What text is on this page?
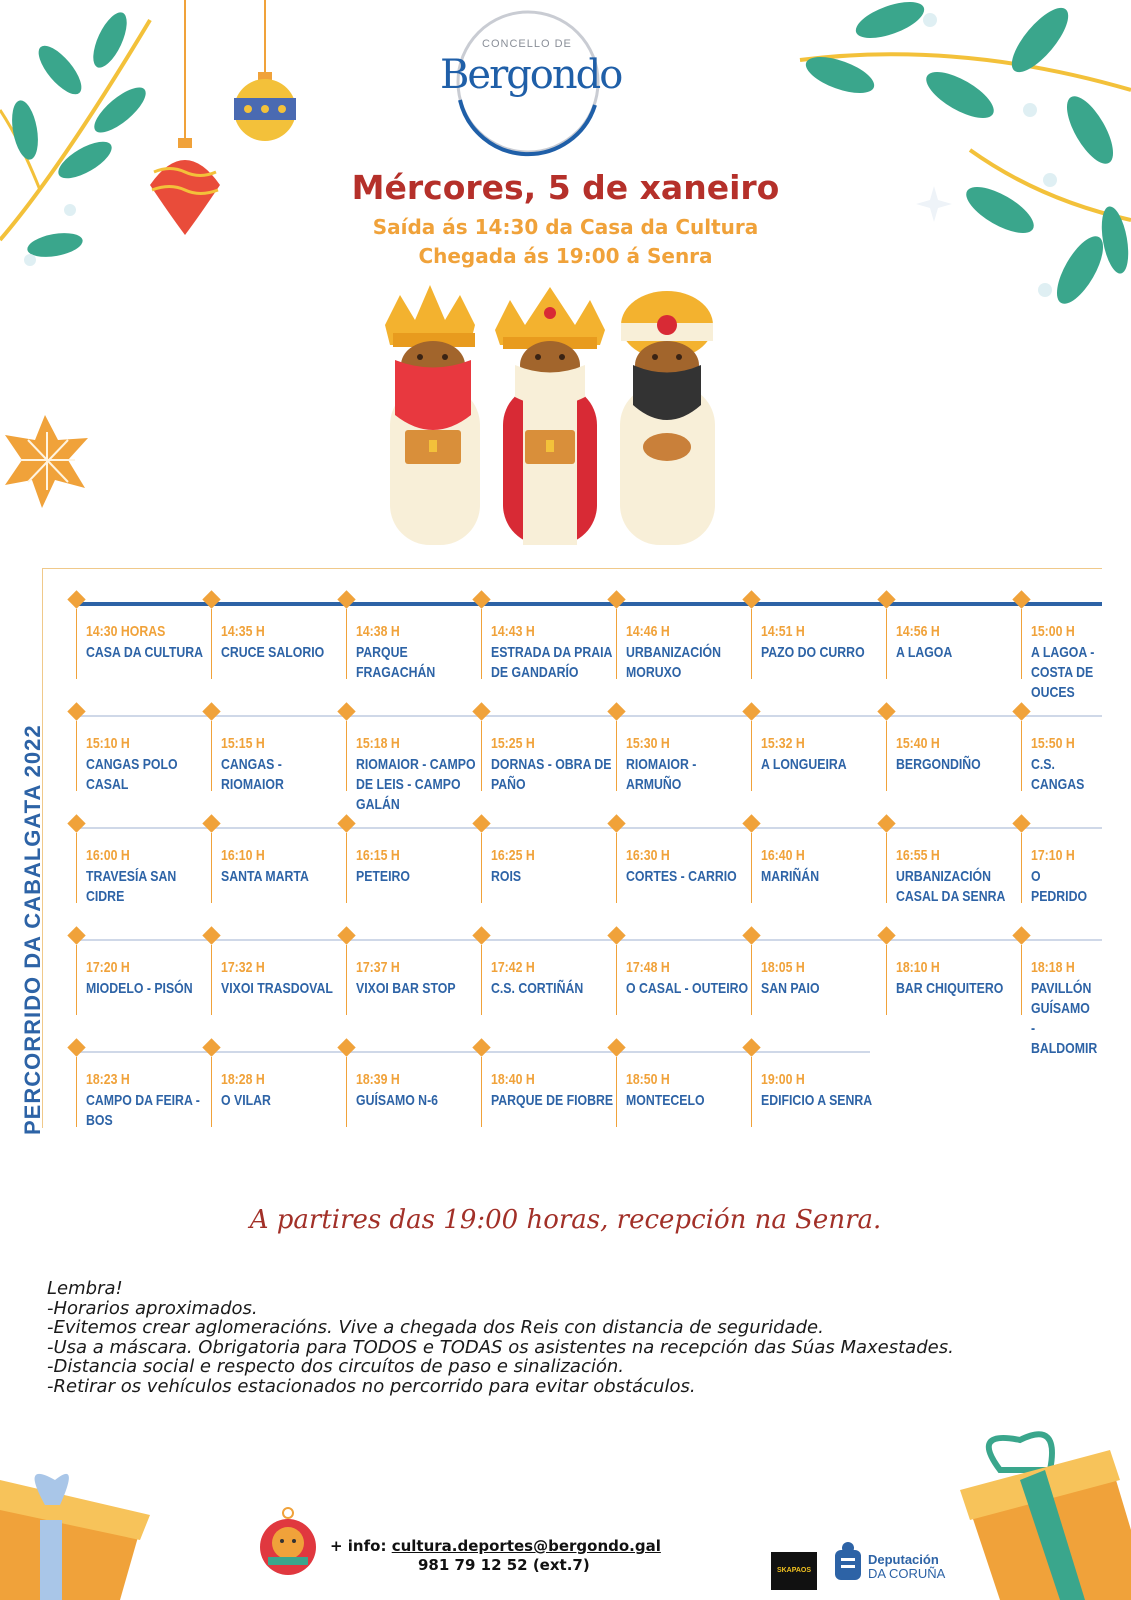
CONCELLO DE
Bergondo
Mércores, 5 de xaneiro
Saída ás 14:30 da Casa da Cultura
Chegada ás 19:00 á Senra
PERCORRIDO DA CABALGATA 2022
14:30 HORAS
CASA DA CULTURA
14:35 H
CRUCE SALORIO
14:38 H
PARQUE FRAGACHÁN
14:43 H
ESTRADA DA PRAIA DE GANDARÍO
14:46 H
URBANIZACIÓN MORUXO
14:51 H
PAZO DO CURRO
14:56 H
A LAGOA
15:00 H
A LAGOA - COSTA DE OUCES
15:10 H
CANGAS POLO CASAL
15:15 H
CANGAS - RIOMAIOR
15:18 H
RIOMAIOR - CAMPO DE LEIS - CAMPO GALÁN
15:25 H
DORNAS - OBRA DE PAÑO
15:30 H
RIOMAIOR - ARMUÑO
15:32 H
A LONGUEIRA
15:40 H
BERGONDIÑO
15:50 H
C.S. CANGAS
16:00 H
TRAVESÍA SAN CIDRE
16:10 H
SANTA MARTA
16:15 H
PETEIRO
16:25 H
ROIS
16:30 H
CORTES - CARRIO
16:40 H
MARIÑÁN
16:55 H
URBANIZACIÓN CASAL DA SENRA
17:10 H
O PEDRIDO
17:20 H
MIODELO - PISÓN
17:32 H
VIXOI TRASDOVAL
17:37 H
VIXOI BAR STOP
17:42 H
C.S. CORTIÑÁN
17:48 H
O CASAL - OUTEIRO
18:05 H
SAN PAIO
18:10 H
BAR CHIQUITERO
18:18 H
PAVILLÓN GUÍSAMO - BALDOMIR
18:23 H
CAMPO DA FEIRA - BOS
18:28 H
O VILAR
18:39 H
GUÍSAMO N-6
18:40 H
PARQUE DE FIOBRE
18:50 H
MONTECELO
19:00 H
EDIFICIO A SENRA
A partires das 19:00 horas, recepción na Senra.
Lembra!
-Horarios aproximados.
-Evitemos crear aglomeracións. Vive a chegada dos Reis con distancia de seguridade.
-Usa a máscara. Obrigatoria para TODOS e TODAS os asistentes na recepción das Súas Maxestades.
-Distancia social e respecto dos circuítos de paso e sinalización.
-Retirar os vehículos estacionados no percorrido para evitar obstáculos.
+ info: cultura.deportes@bergondo.gal
981 79 12 52 (ext.7)	SKAPAOS
Deputación
DA CORUÑA
